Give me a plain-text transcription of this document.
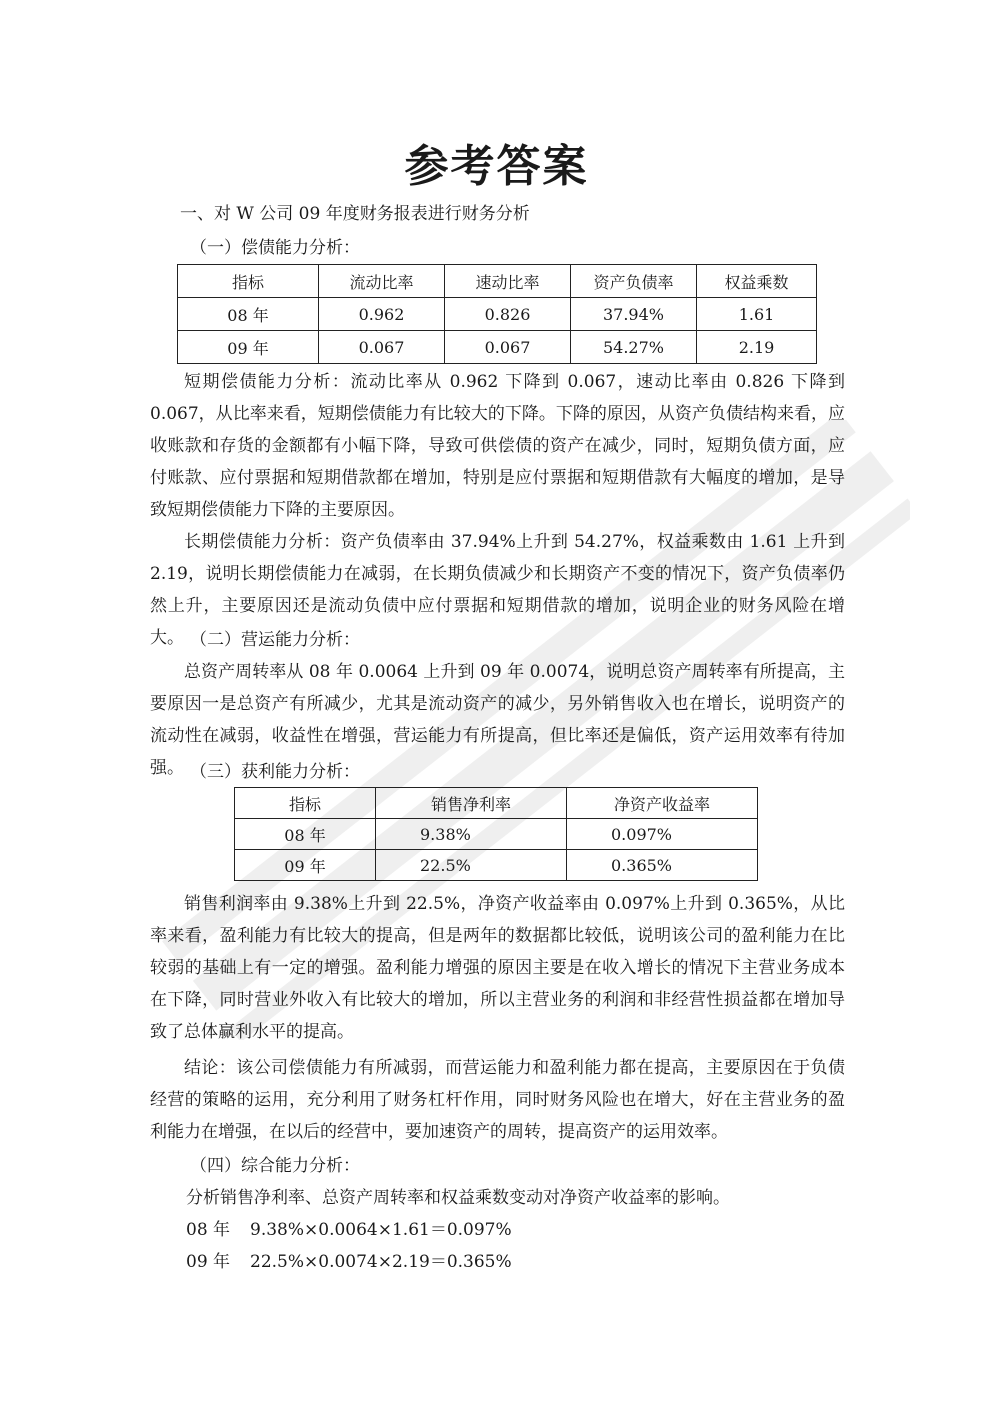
参考答案
一、对 W 公司 09 年度财务报表进行财务分析
（一）偿债能力分析：
指标	流动比率	速动比率	资产负债率	权益乘数
08 年	0.962	0.826	37.94%	1.61
09 年	0.067	0.067	54.27%	2.19

短期偿债能力分析：流动比率从 0.962 下降到 0.067，速动比率由 0.826 下降到 0.067，从比率来看，短期偿债能力有比较大的下降。下降的原因，从资产负债结构来看，应收账款和存货的金额都有小幅下降，导致可供偿债的资产在减少，同时，短期负债方面，应付账款、应付票据和短期借款都在增加，特别是应付票据和短期借款有大幅度的增加，是导致短期偿债能力下降的主要原因。

长期偿债能力分析：资产负债率由 37.94%上升到 54.27%，权益乘数由 1.61 上升到 2.19，说明长期偿债能力在减弱，在长期负债减少和长期资产不变的情况下，资产负债率仍然上升，主要原因还是流动负债中应付票据和短期借款的增加，说明企业的财务风险在增大。 （二）营运能力分析：

总资产周转率从 08 年 0.0064 上升到 09 年 0.0074，说明总资产周转率有所提高，主要原因一是总资产有所减少，尤其是流动资产的减少，另外销售收入也在增长，说明资产的流动性在减弱，收益性在增强，营运能力有所提高，但比率还是偏低，资产运用效率有待加强。 （三）获利能力分析：
指标	销售净利率	净资产收益率
08 年	9.38%	0.097%
09 年	22.5%	0.365%

销售利润率由 9.38%上升到 22.5%，净资产收益率由 0.097%上升到 0.365%，从比率来看，盈利能力有比较大的提高，但是两年的数据都比较低，说明该公司的盈利能力在比较弱的基础上有一定的增强。盈利能力增强的原因主要是在收入增长的情况下主营业务成本在下降，同时营业外收入有比较大的增加，所以主营业务的利润和非经营性损益都在增加导致了总体赢利水平的提高。

结论：该公司偿债能力有所减弱，而营运能力和盈利能力都在提高，主要原因在于负债经营的策略的运用，充分利用了财务杠杆作用，同时财务风险也在增大，好在主营业务的盈利能力在增强，在以后的经营中，要加速资产的周转，提高资产的运用效率。

（四）综合能力分析：
分析销售净利率、总资产周转率和权益乘数变动对净资产收益率的影响。
08 年 9.38%×0.0064×1.61＝0.097%
09 年 22.5%×0.0074×2.19＝0.365%
